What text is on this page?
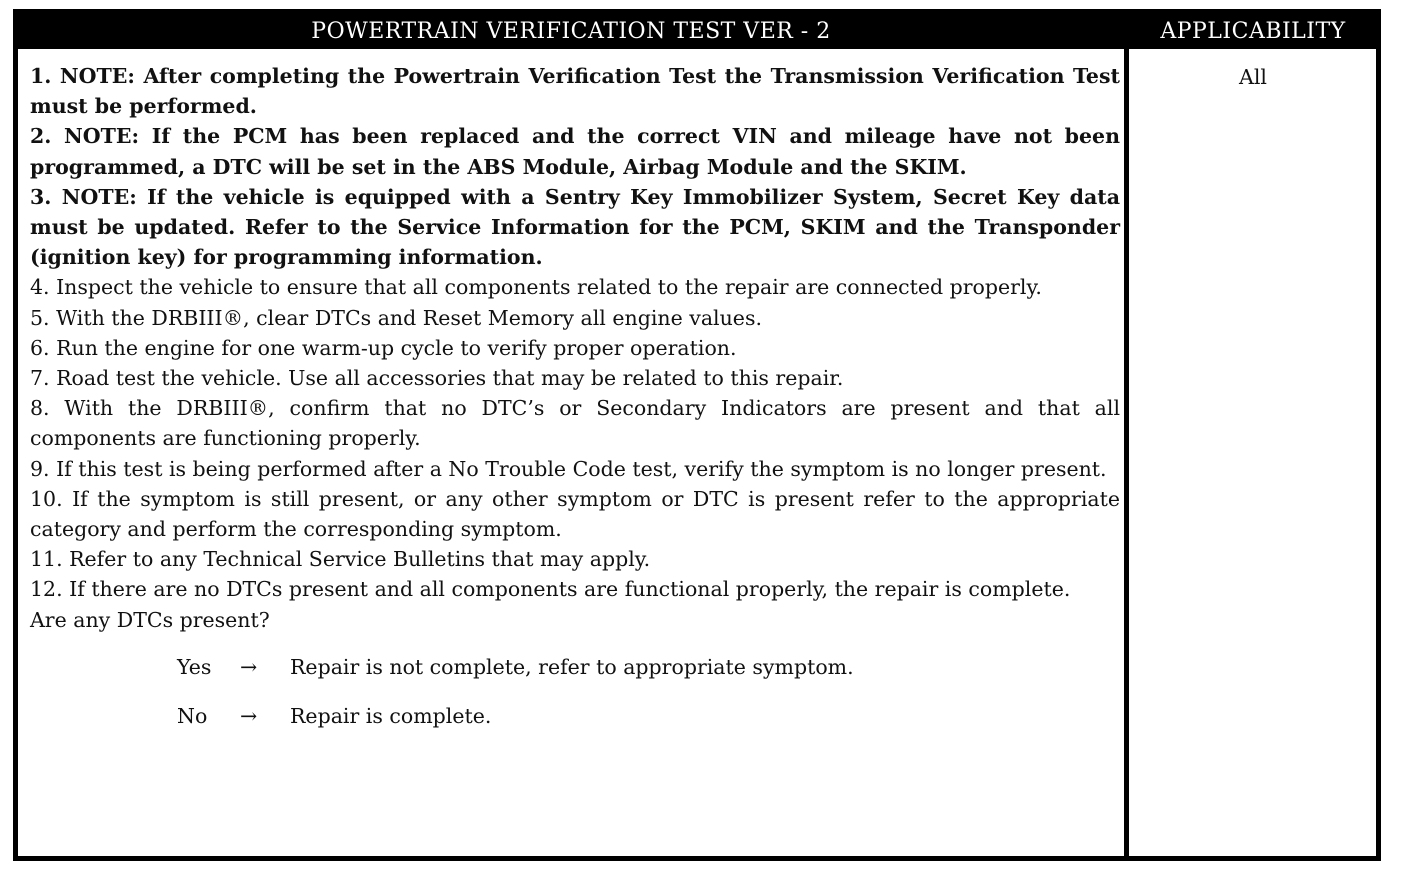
POWERTRAIN VERIFICATION TEST VER - 2	APPLICABILITY

1. NOTE: After completing the Powertrain Verification Test the Transmission Verification Test must be performed.

2. NOTE: If the PCM has been replaced and the correct VIN and mileage have not been programmed, a DTC will be set in the ABS Module, Airbag Module and the SKIM.

3. NOTE: If the vehicle is equipped with a Sentry Key Immobilizer System, Secret Key data must be updated. Refer to the Service Information for the PCM, SKIM and the Transponder (ignition key) for programming information.

4. Inspect the vehicle to ensure that all components related to the repair are connected properly.

5. With the DRBIII®, clear DTCs and Reset Memory all engine values.

6. Run the engine for one warm-up cycle to verify proper operation.

7. Road test the vehicle. Use all accessories that may be related to this repair.

8. With the DRBIII®, confirm that no DTC’s or Secondary Indicators are present and that all components are functioning properly.

9. If this test is being performed after a No Trouble Code test, verify the symptom is no longer present.

10. If the symptom is still present, or any other symptom or DTC is present refer to the appropriate category and perform the corresponding symptom.

11. Refer to any Technical Service Bulletins that may apply.

12. If there are no DTCs present and all components are functional properly, the repair is complete.

Are any DTCs present?

Yes → Repair is not complete, refer to appropriate symptom.
No → Repair is complete.
All
